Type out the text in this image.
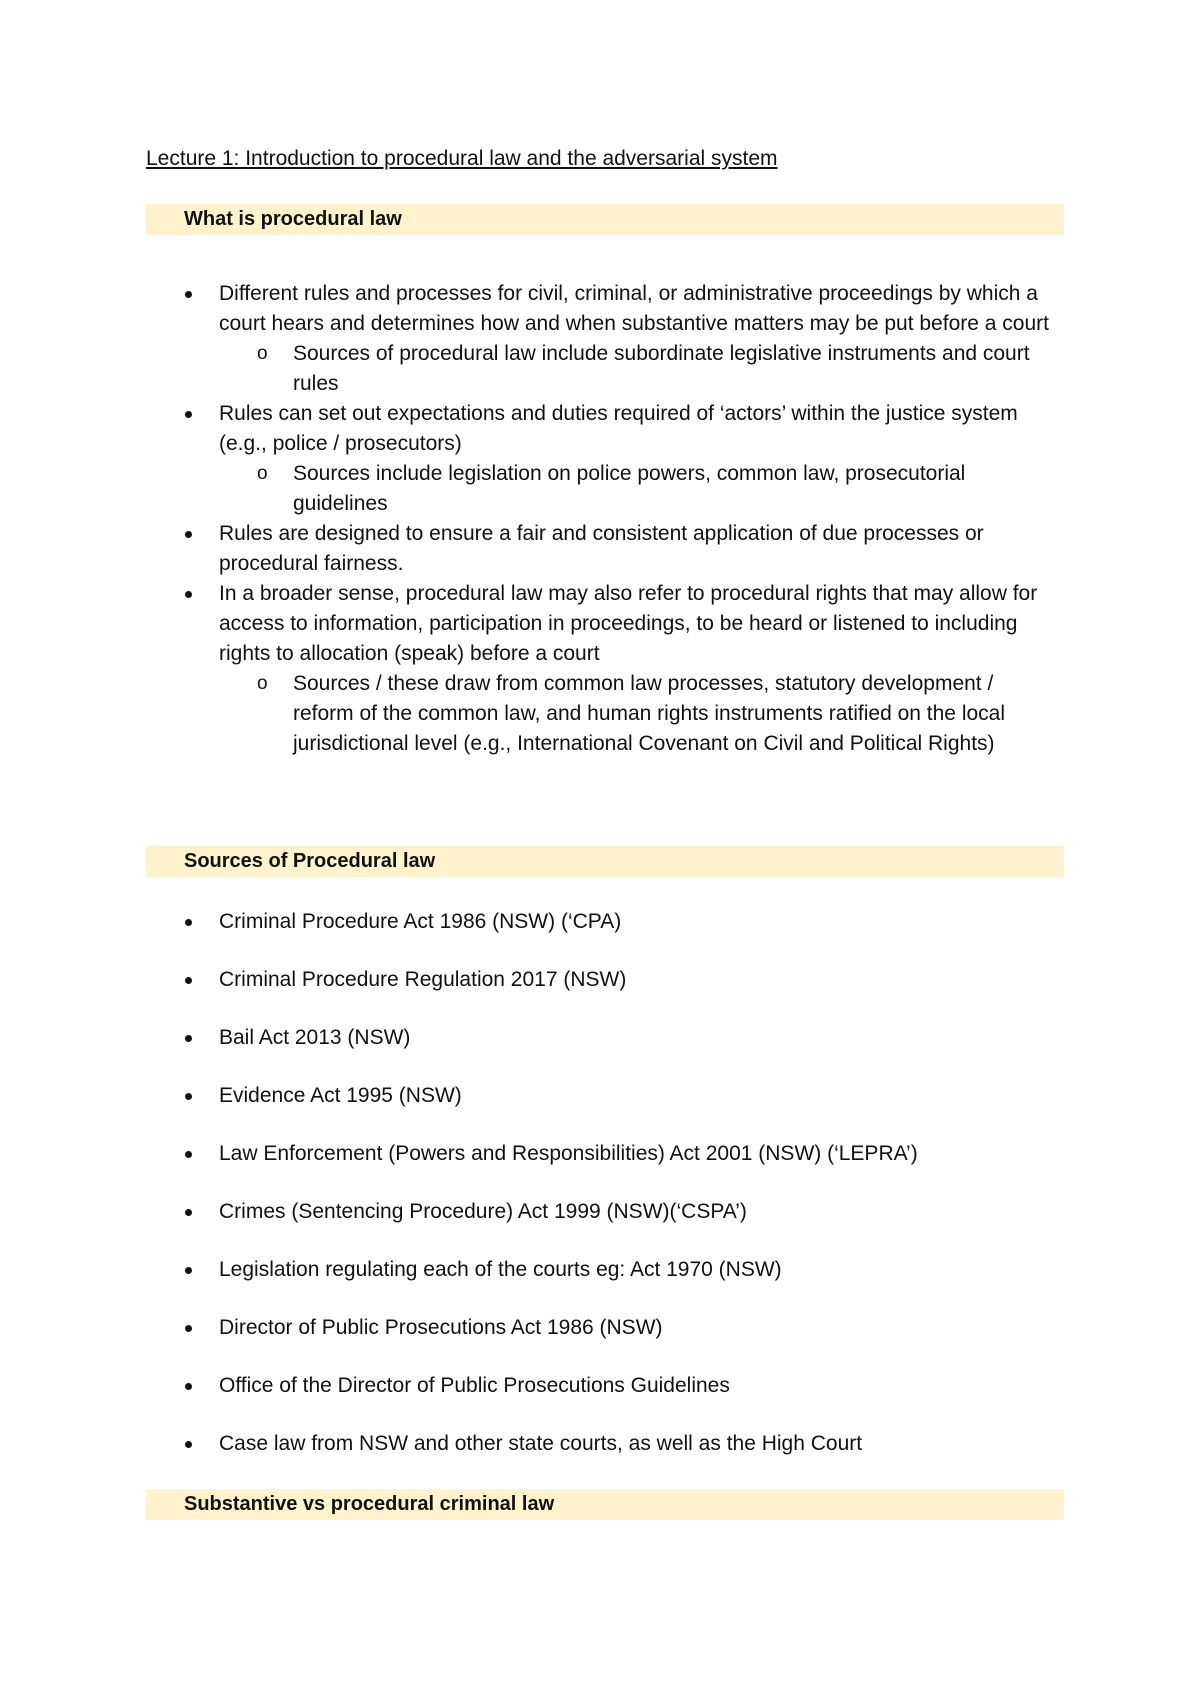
Lecture 1: Introduction to procedural law and the adversarial system
What is procedural law
Different rules and processes for civil, criminal, or administrative proceedings by which a court hears and determines how and when substantive matters may be put before a court
o Sources of procedural law include subordinate legislative instruments and court rules
Rules can set out expectations and duties required of ‘actors’ within the justice system (e.g., police / prosecutors)
o Sources include legislation on police powers, common law, prosecutorial guidelines
Rules are designed to ensure a fair and consistent application of due processes or procedural fairness.
In a broader sense, procedural law may also refer to procedural rights that may allow for access to information, participation in proceedings, to be heard or listened to including rights to allocation (speak) before a court
o Sources / these draw from common law processes, statutory development / reform of the common law, and human rights instruments ratified on the local jurisdictional level (e.g., International Covenant on Civil and Political Rights)
Sources of Procedural law
Criminal Procedure Act 1986 (NSW) (‘CPA)
Criminal Procedure Regulation 2017 (NSW)
Bail Act 2013 (NSW)
Evidence Act 1995 (NSW)
Law Enforcement (Powers and Responsibilities) Act 2001 (NSW) (‘LEPRA’)
Crimes (Sentencing Procedure) Act 1999 (NSW)(‘CSPA’)
Legislation regulating each of the courts eg: Act 1970 (NSW)
Director of Public Prosecutions Act 1986 (NSW)
Office of the Director of Public Prosecutions Guidelines
Case law from NSW and other state courts, as well as the High Court
Substantive vs procedural criminal law
